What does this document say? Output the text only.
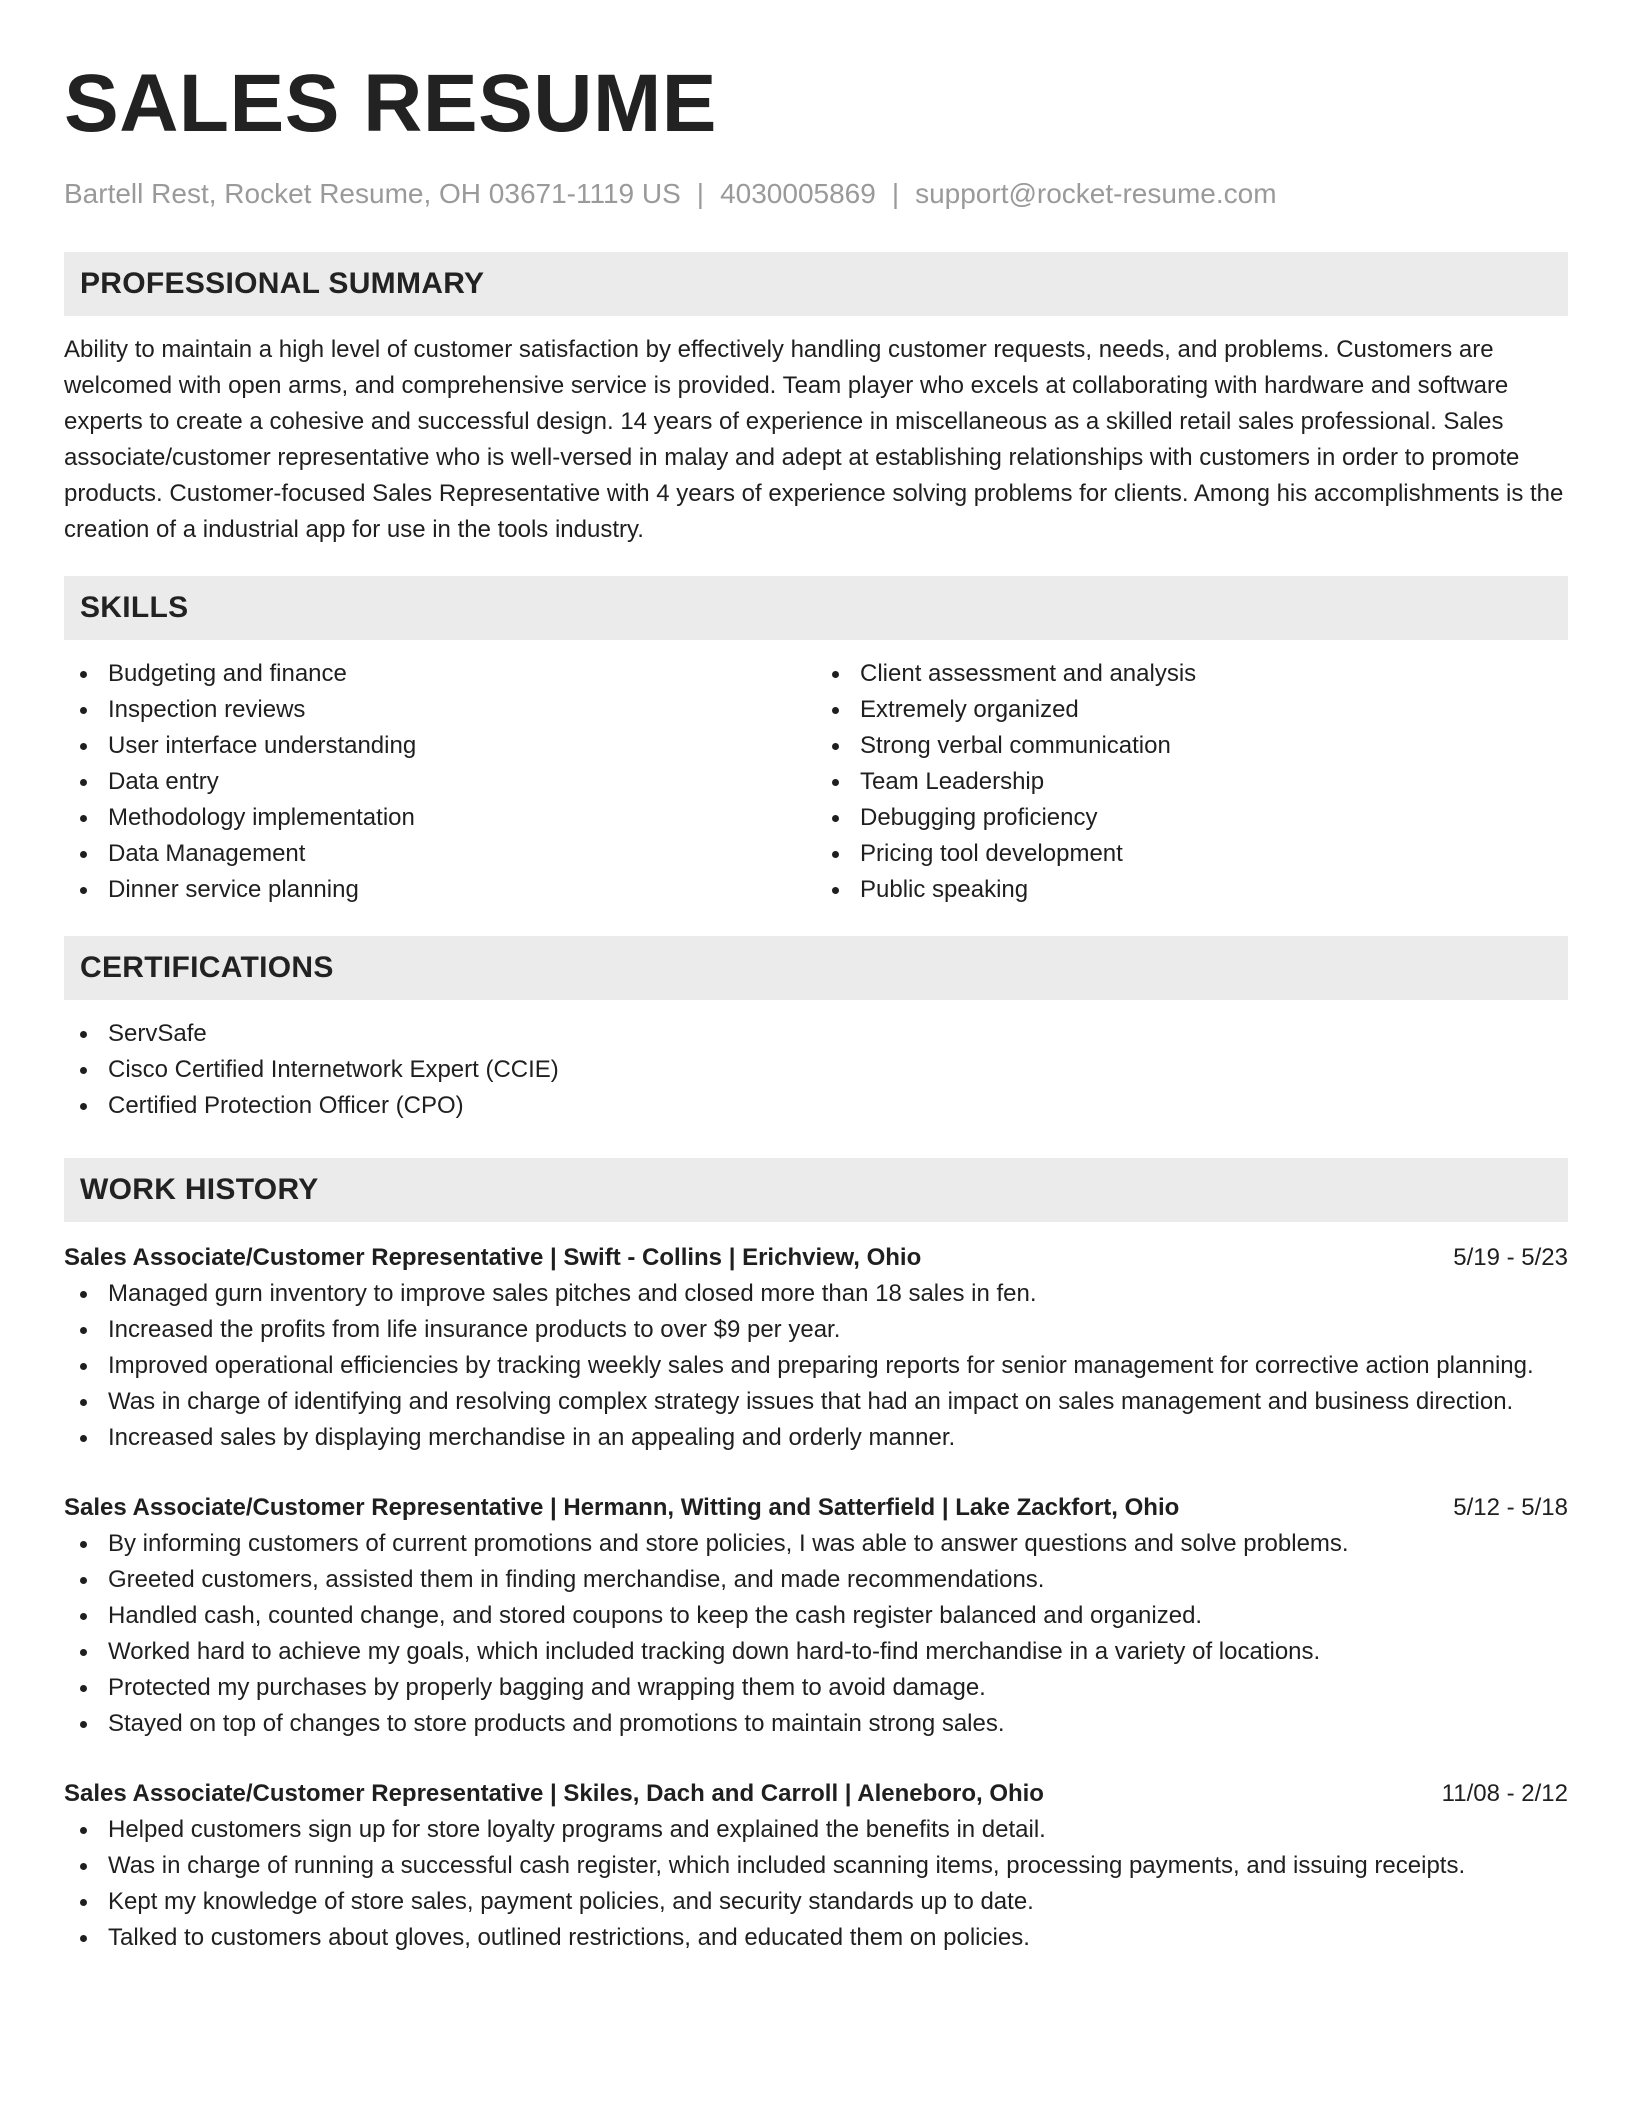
SALES RESUME
Bartell Rest, Rocket Resume, OH 03671-1119 US | 4030005869 | support@rocket-resume.com
PROFESSIONAL SUMMARY

Ability to maintain a high level of customer satisfaction by effectively handling customer requests, needs, and problems. Customers are welcomed with open arms, and comprehensive service is provided. Team player who excels at collaborating with hardware and software experts to create a cohesive and successful design. 14 years of experience in miscellaneous as a skilled retail sales professional. Sales associate/customer representative who is well-versed in malay and adept at establishing relationships with customers in order to promote products. Customer-focused Sales Representative with 4 years of experience solving problems for clients. Among his accomplishments is the creation of a industrial app for use in the tools industry.

SKILLS
Budgeting and finance
Inspection reviews
User interface understanding
Data entry
Methodology implementation
Data Management
Dinner service planning
Client assessment and analysis
Extremely organized
Strong verbal communication
Team Leadership
Debugging proficiency
Pricing tool development
Public speaking
CERTIFICATIONS
ServSafe
Cisco Certified Internetwork Expert (CCIE)
Certified Protection Officer (CPO)
WORK HISTORY
Sales Associate/Customer Representative | Swift - Collins | Erichview, Ohio	5/19 - 5/23
Managed gurn inventory to improve sales pitches and closed more than 18 sales in fen.
Increased the profits from life insurance products to over $9 per year.
Improved operational efficiencies by tracking weekly sales and preparing reports for senior management for corrective action planning.
Was in charge of identifying and resolving complex strategy issues that had an impact on sales management and business direction.
Increased sales by displaying merchandise in an appealing and orderly manner.
Sales Associate/Customer Representative | Hermann, Witting and Satterfield | Lake Zackfort, Ohio	5/12 - 5/18
By informing customers of current promotions and store policies, I was able to answer questions and solve problems.
Greeted customers, assisted them in finding merchandise, and made recommendations.
Handled cash, counted change, and stored coupons to keep the cash register balanced and organized.
Worked hard to achieve my goals, which included tracking down hard-to-find merchandise in a variety of locations.
Protected my purchases by properly bagging and wrapping them to avoid damage.
Stayed on top of changes to store products and promotions to maintain strong sales.
Sales Associate/Customer Representative | Skiles, Dach and Carroll | Aleneboro, Ohio	11/08 - 2/12
Helped customers sign up for store loyalty programs and explained the benefits in detail.
Was in charge of running a successful cash register, which included scanning items, processing payments, and issuing receipts.
Kept my knowledge of store sales, payment policies, and security standards up to date.
Talked to customers about gloves, outlined restrictions, and educated them on policies.
